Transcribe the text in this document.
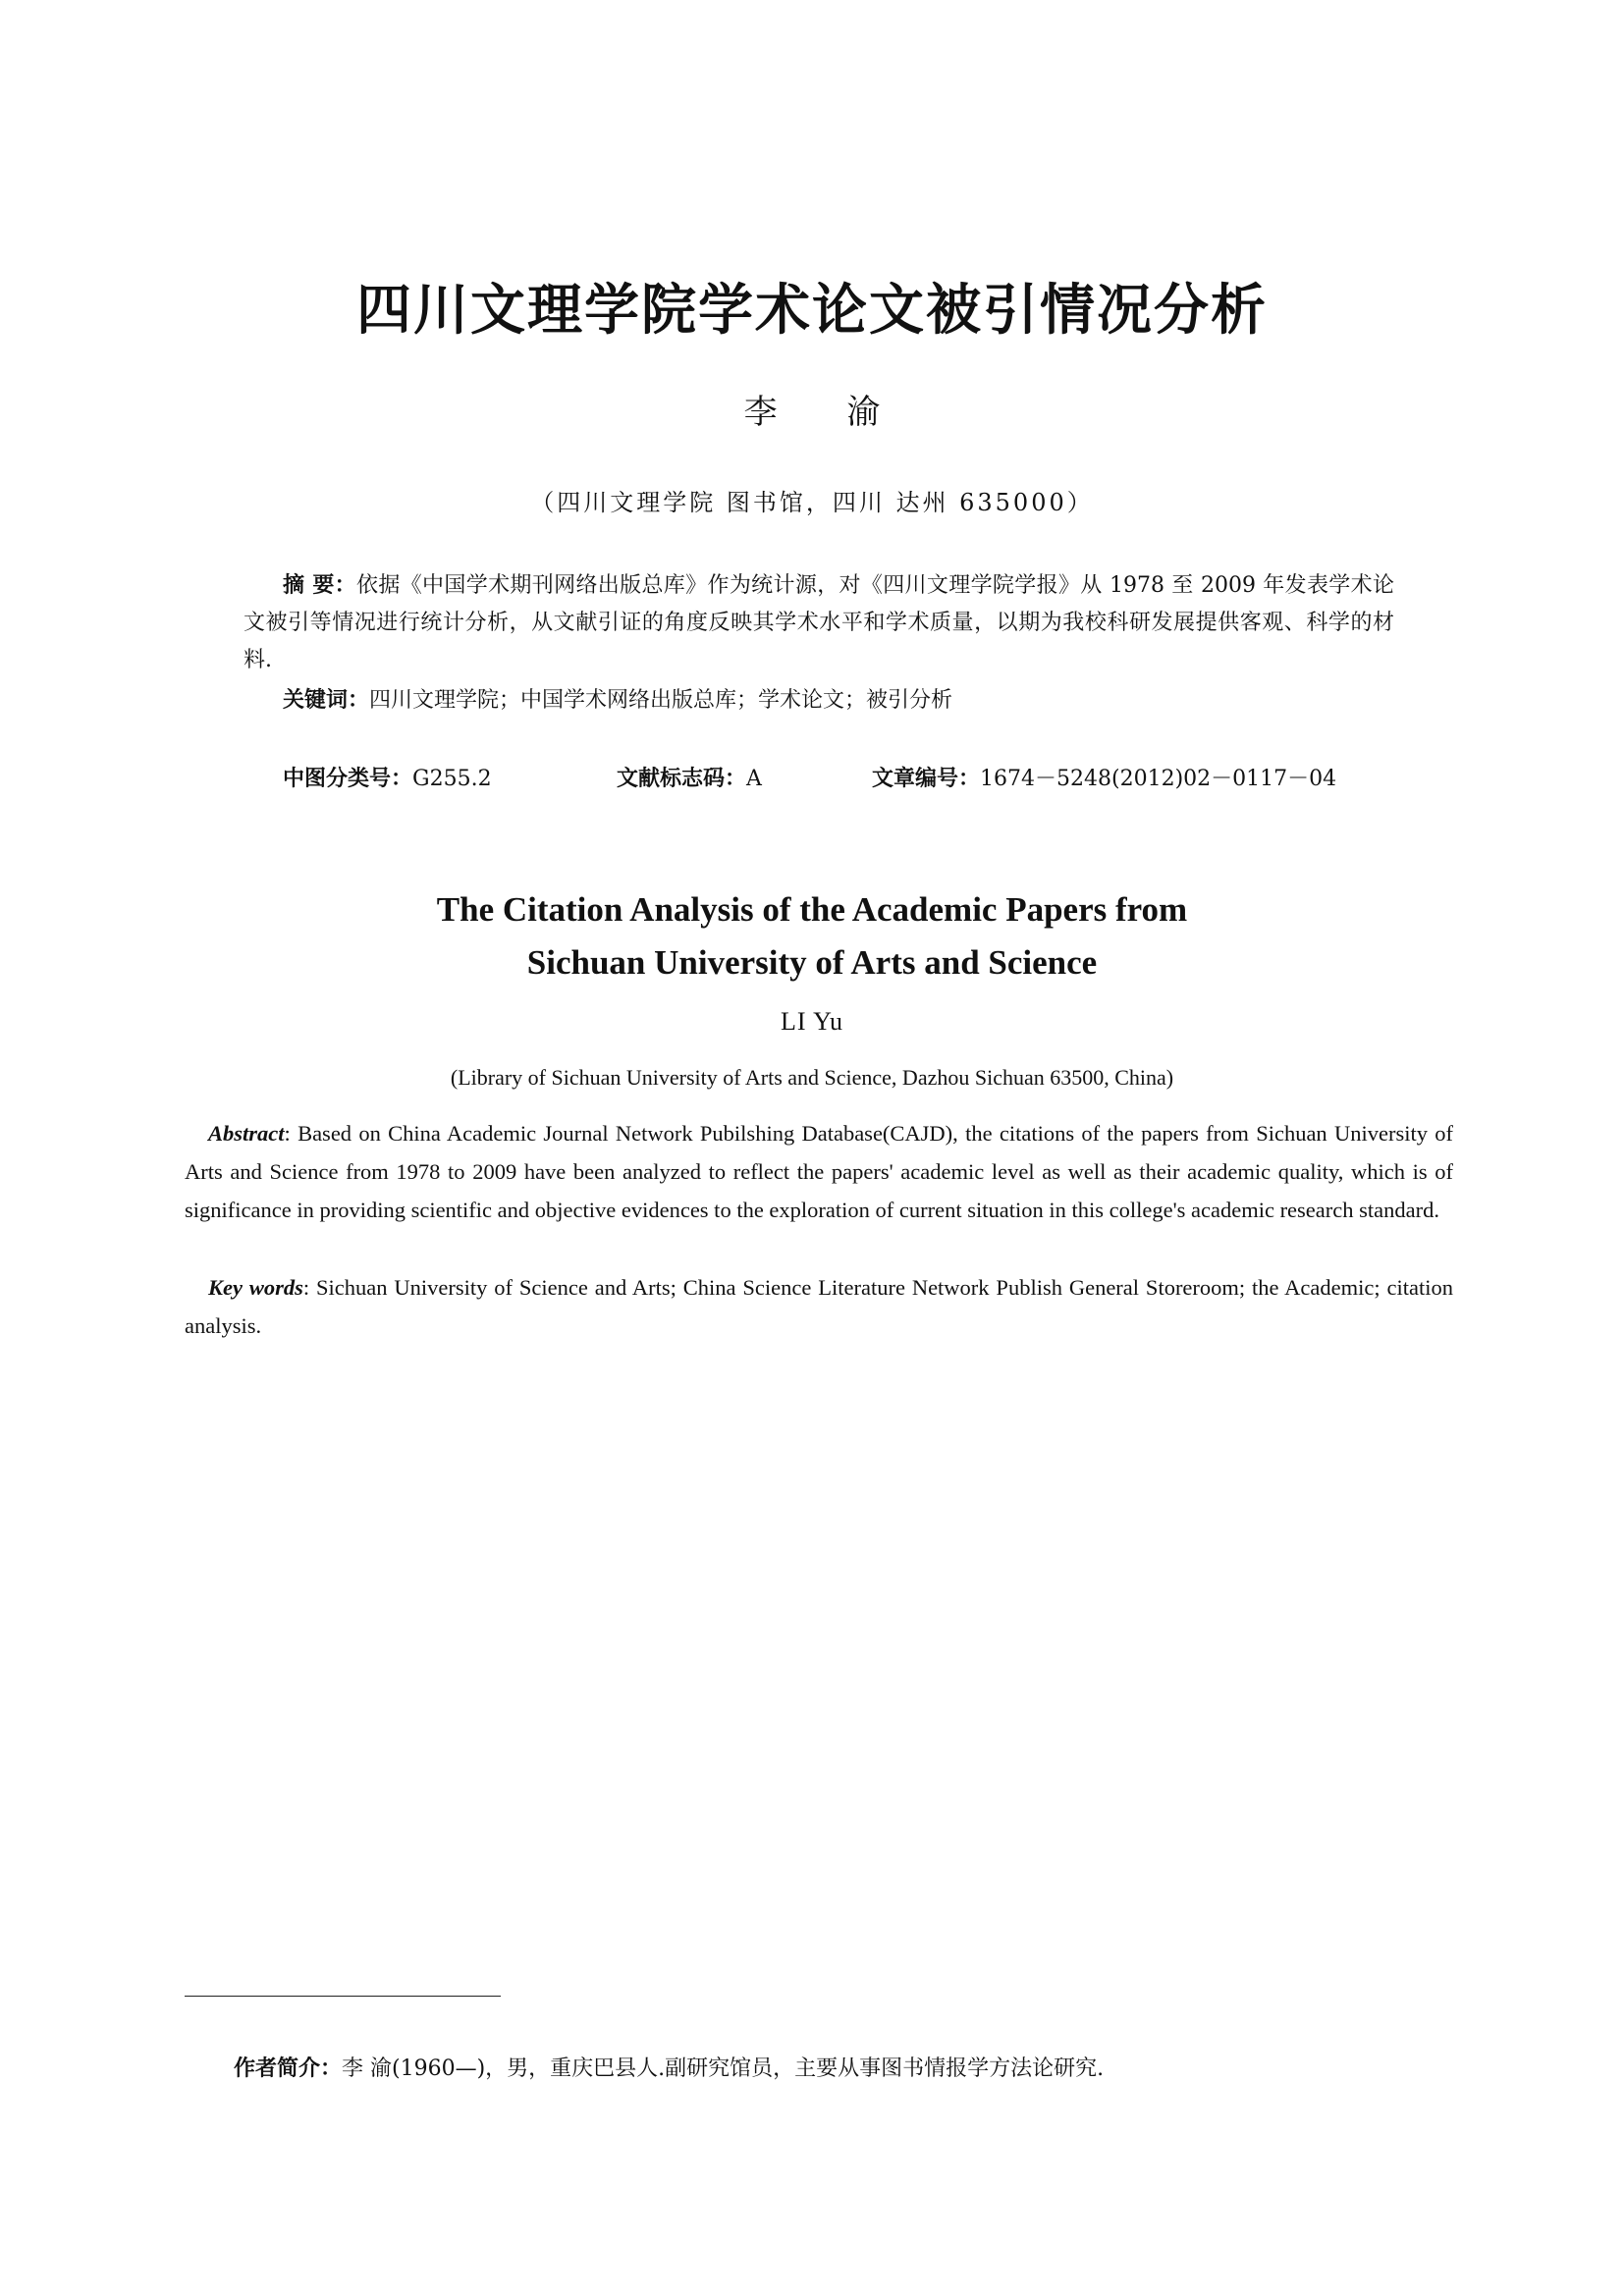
四川文理学院学术论文被引情况分析
李 渝
（四川文理学院 图书馆，四川 达州 635000）
摘 要：依据《中国学术期刊网络出版总库》作为统计源，对《四川文理学院学报》从 1978 至 2009 年发表学术论文被引等情况进行统计分析，从文献引证的角度反映其学术水平和学术质量，以期为我校科研发展提供客观、科学的材料.
关键词：四川文理学院；中国学术网络出版总库；学术论文；被引分析
中图分类号：G255.2	文献标志码：A	文章编号：1674－5248(2012)02－0117－04
The Citation Analysis of the Academic Papers from
Sichuan University of Arts and Science
LI Yu
(Library of Sichuan University of Arts and Science, Dazhou Sichuan 63500, China)
Abstract: Based on China Academic Journal Network Pubilshing Database(CAJD), the citations of the papers from Sichuan University of Arts and Science from 1978 to 2009 have been analyzed to reflect the papers' academic level as well as their academic quality, which is of significance in providing scientific and objective evidences to the exploration of current situation in this college's academic research standard.
Key words: Sichuan University of Science and Arts; China Science Literature Network Publish General Storeroom; the Academic; citation analysis.
作者简介：李 渝(1960—)，男，重庆巴县人.副研究馆员，主要从事图书情报学方法论研究.
